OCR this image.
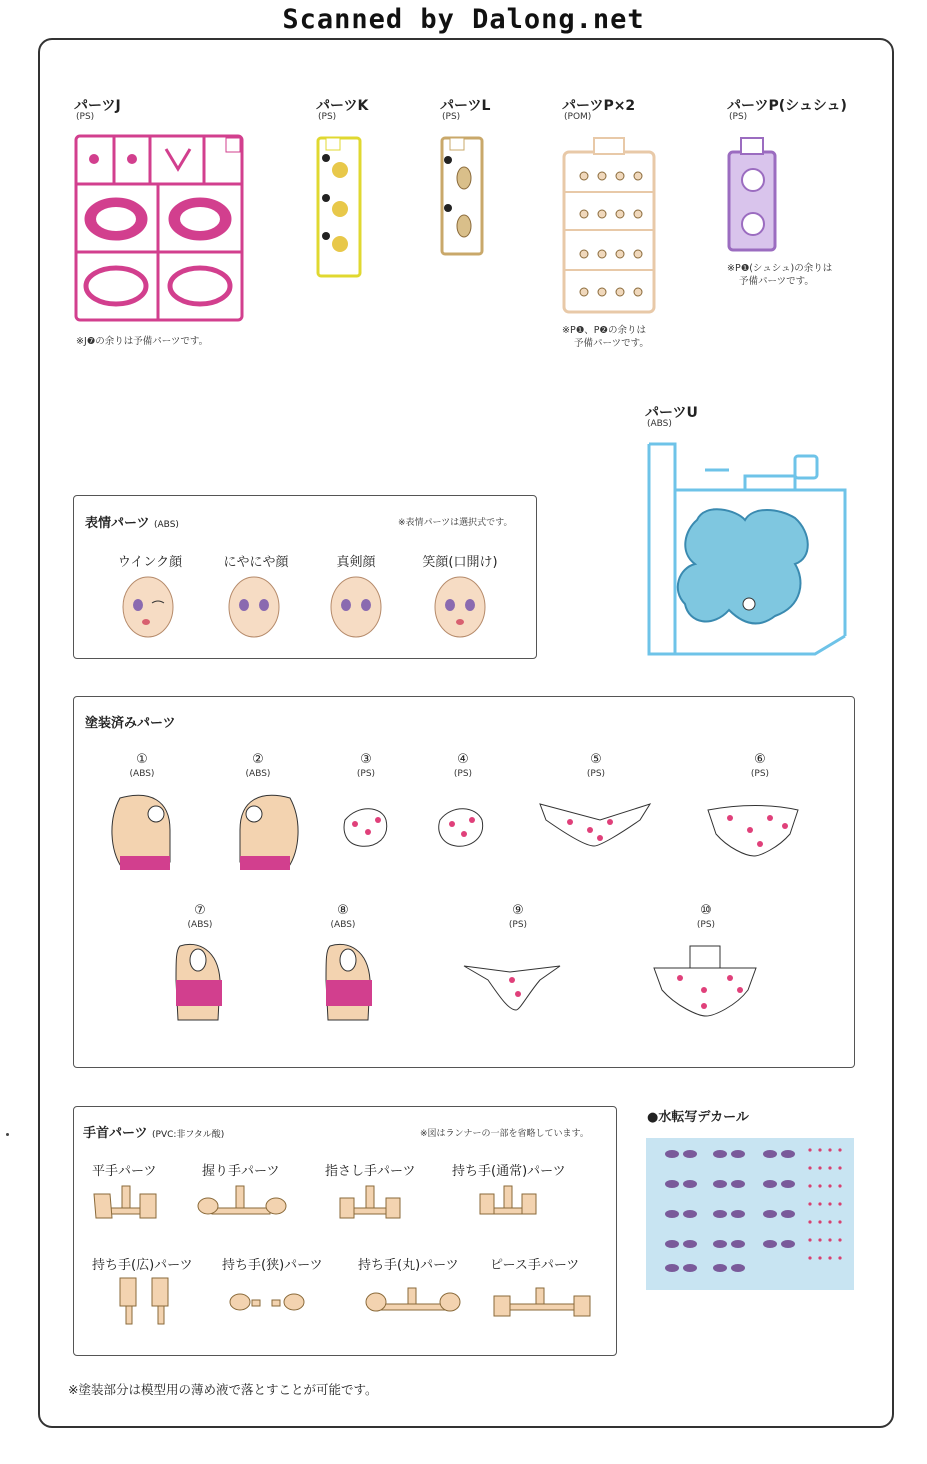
Scanned by Dalong.net
パーツJ
(PS)
※J❼の余りは予備パーツです。
パーツK
(PS)
パーツL
(PS)
パーツP×2
(POM)
※P❶、P❷の余りは
予備パーツです。
パーツP(シュシュ)
(PS)
※P❶(シュシュ)の余りは
予備パーツです。
パーツU
(ABS)
表情パーツ (ABS)	※表情パーツは選択式です。
ウインク顔	にやにや顔	真剣顔	笑顔(口開け)
塗装済みパーツ
①
(ABS)
②
(ABS)
③
(PS)
④
(PS)
⑤
(PS)
⑥
(PS)
⑦
(ABS)
⑧
(ABS)
⑨
(PS)
⑩
(PS)
手首パーツ (PVC:非フタル酸)	※図はランナーの一部を省略しています。
平手パーツ	握り手パーツ	指さし手パーツ	持ち手(通常)パーツ
持ち手(広)パーツ 持ち手(狭)パーツ	持ち手(丸)パーツ ピース手パーツ
●水転写デカール
※塗装部分は模型用の薄め液で落とすことが可能です。
